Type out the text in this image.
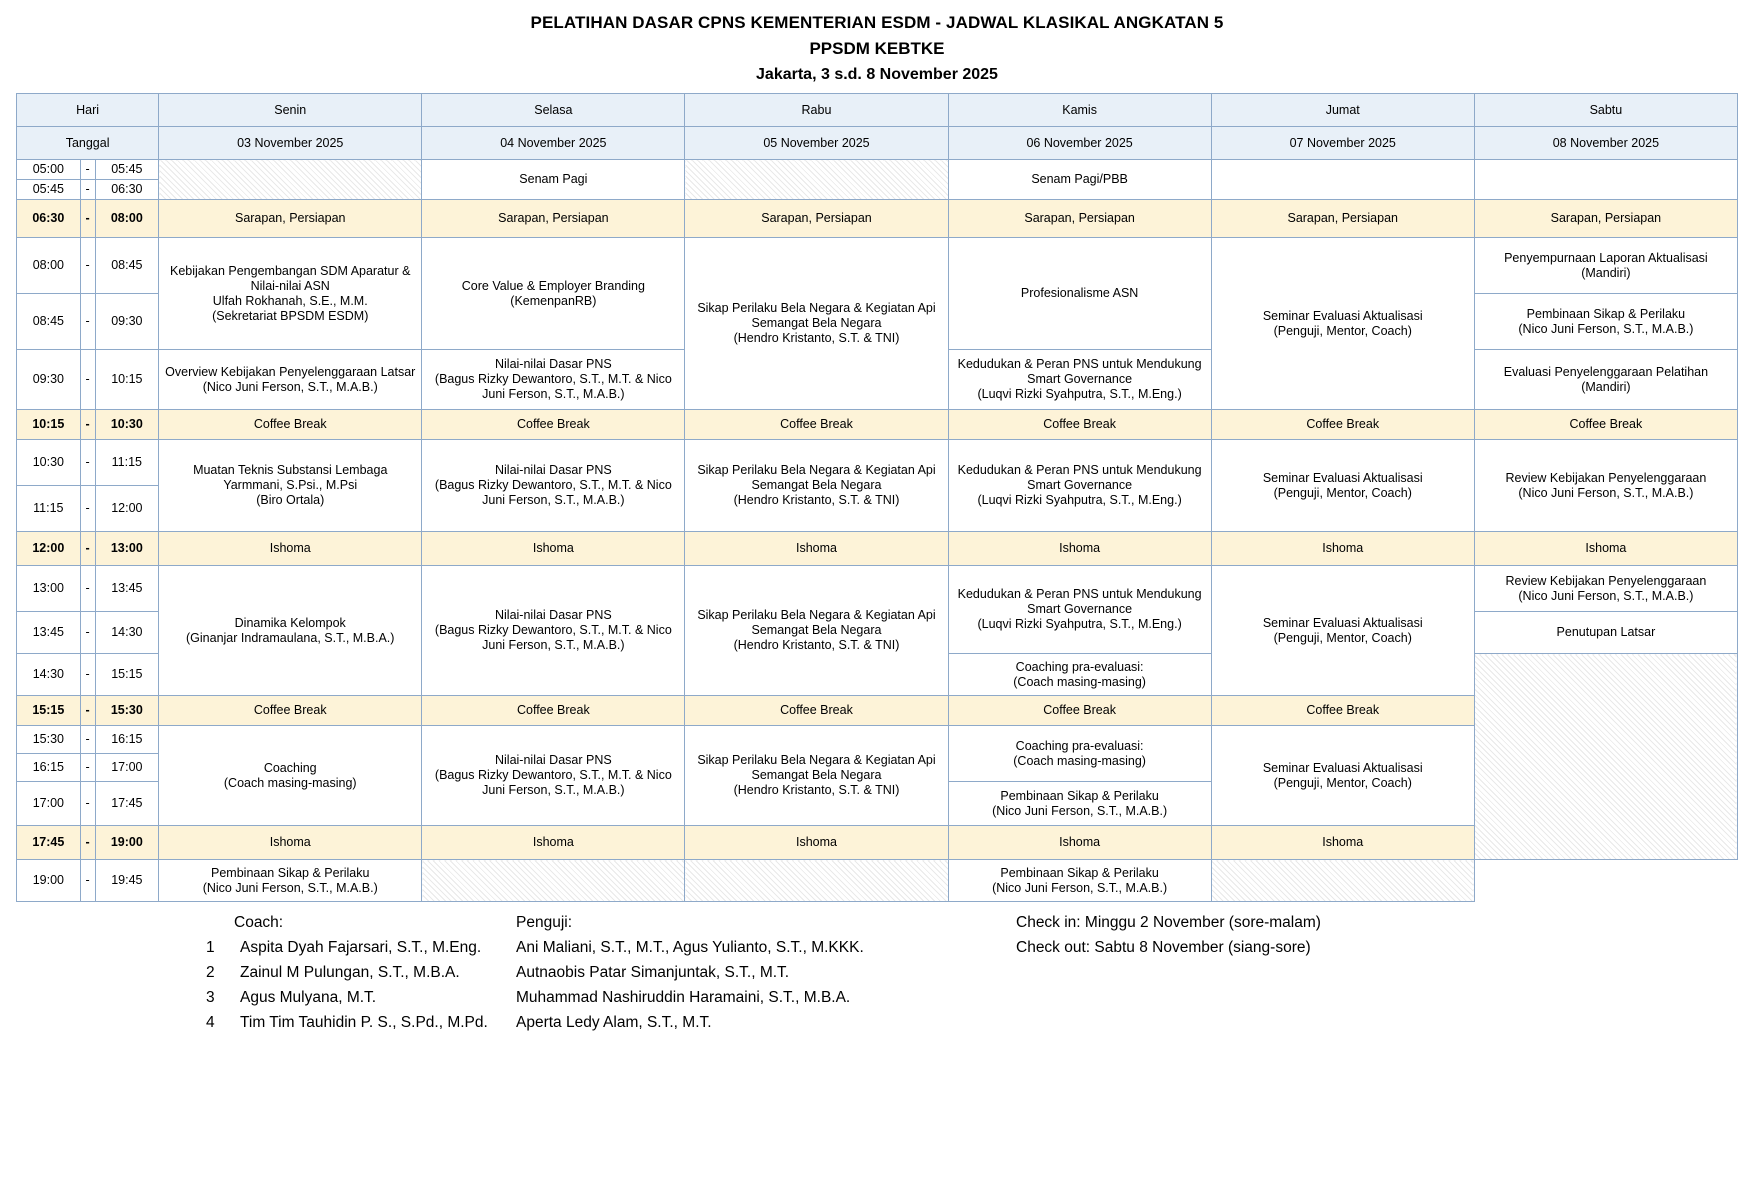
PELATIHAN DASAR CPNS KEMENTERIAN ESDM - JADWAL KLASIKAL ANGKATAN 5
PPSDM KEBTKE
Jakarta, 3 s.d. 8 November 2025
Hari			Senin	Selasa	Rabu	Kamis	Jumat	Sabtu
Tanggal			03 November 2025	04 November 2025	05 November 2025	06 November 2025	07 November 2025	08 November 2025
05:00	-	05:45		Senam Pagi		Senam Pagi/PBB		
05:45	-	06:30						
06:30	-	08:00	Sarapan, Persiapan	Sarapan, Persiapan	Sarapan, Persiapan	Sarapan, Persiapan	Sarapan, Persiapan	Sarapan, Persiapan
08:00	-	08:45	Kebijakan Pengembangan SDM Aparatur & Nilai-nilai ASN
Ulfah Rokhanah, S.E., M.M.
(Sekretariat BPSDM ESDM)	Core Value & Employer Branding
(KemenpanRB)	Sikap Perilaku Bela Negara & Kegiatan Api Semangat Bela Negara
(Hendro Kristanto, S.T. & TNI)	Profesionalisme ASN	Seminar Evaluasi Aktualisasi
(Penguji, Mentor, Coach)	Penyempurnaan Laporan Aktualisasi
(Mandiri)
08:45	-	09:30						Pembinaan Sikap & Perilaku
(Nico Juni Ferson, S.T., M.A.B.)
09:30	-	10:15	Overview Kebijakan Penyelenggaraan Latsar
(Nico Juni Ferson, S.T., M.A.B.)	Nilai-nilai Dasar PNS
(Bagus Rizky Dewantoro, S.T., M.T. & Nico Juni Ferson, S.T., M.A.B.)		Kedudukan & Peran PNS untuk Mendukung Smart Governance
(Luqvi Rizki Syahputra, S.T., M.Eng.)		Evaluasi Penyelenggaraan Pelatihan
(Mandiri)
10:15	-	10:30	Coffee Break	Coffee Break	Coffee Break	Coffee Break	Coffee Break	Coffee Break
10:30	-	11:15	Muatan Teknis Substansi Lembaga
Yarmmani, S.Psi., M.Psi
(Biro Ortala)	Nilai-nilai Dasar PNS
(Bagus Rizky Dewantoro, S.T., M.T. & Nico Juni Ferson, S.T., M.A.B.)	Sikap Perilaku Bela Negara & Kegiatan Api Semangat Bela Negara
(Hendro Kristanto, S.T. & TNI)	Kedudukan & Peran PNS untuk Mendukung Smart Governance
(Luqvi Rizki Syahputra, S.T., M.Eng.)	Seminar Evaluasi Aktualisasi
(Penguji, Mentor, Coach)	Review Kebijakan Penyelenggaraan
(Nico Juni Ferson, S.T., M.A.B.)
11:15	-	12:00						
12:00	-	13:00	Ishoma	Ishoma	Ishoma	Ishoma	Ishoma	Ishoma
13:00	-	13:45	Dinamika Kelompok
(Ginanjar Indramaulana, S.T., M.B.A.)	Nilai-nilai Dasar PNS
(Bagus Rizky Dewantoro, S.T., M.T. & Nico Juni Ferson, S.T., M.A.B.)	Sikap Perilaku Bela Negara & Kegiatan Api Semangat Bela Negara
(Hendro Kristanto, S.T. & TNI)	Kedudukan & Peran PNS untuk Mendukung Smart Governance
(Luqvi Rizki Syahputra, S.T., M.Eng.)	Seminar Evaluasi Aktualisasi
(Penguji, Mentor, Coach)	Review Kebijakan Penyelenggaraan
(Nico Juni Ferson, S.T., M.A.B.)
13:45	-	14:30						Penutupan Latsar
14:30	-	15:15				Coaching pra-evaluasi:
(Coach masing-masing)		
15:15	-	15:30	Coffee Break	Coffee Break	Coffee Break	Coffee Break	Coffee Break	
15:30	-	16:15	Coaching
(Coach masing-masing)	Nilai-nilai Dasar PNS
(Bagus Rizky Dewantoro, S.T., M.T. & Nico Juni Ferson, S.T., M.A.B.)	Sikap Perilaku Bela Negara & Kegiatan Api Semangat Bela Negara
(Hendro Kristanto, S.T. & TNI)	Coaching pra-evaluasi:
(Coach masing-masing)	Seminar Evaluasi Aktualisasi
(Penguji, Mentor, Coach)	
16:15	-	17:00						
17:00	-	17:45				Pembinaan Sikap & Perilaku
(Nico Juni Ferson, S.T., M.A.B.)		
17:45	-	19:00	Ishoma	Ishoma	Ishoma	Ishoma	Ishoma	
19:00	-	19:45	Pembinaan Sikap & Perilaku
(Nico Juni Ferson, S.T., M.A.B.)			Pembinaan Sikap & Perilaku
(Nico Juni Ferson, S.T., M.A.B.)		
Coach:
1	Aspita Dyah Fajarsari, S.T., M.Eng.
2	Zainul M Pulungan, S.T., M.B.A.
3	Agus Mulyana, M.T.
4	Tim Tim Tauhidin P. S., S.Pd., M.Pd.
Penguji:
Ani Maliani, S.T., M.T., Agus Yulianto, S.T., M.KKK.
Autnaobis Patar Simanjuntak, S.T., M.T.
Muhammad Nashiruddin Haramaini, S.T., M.B.A.
Aperta Ledy Alam, S.T., M.T.
Check in: Minggu 2 November (sore-malam)
Check out: Sabtu 8 November (siang-sore)
